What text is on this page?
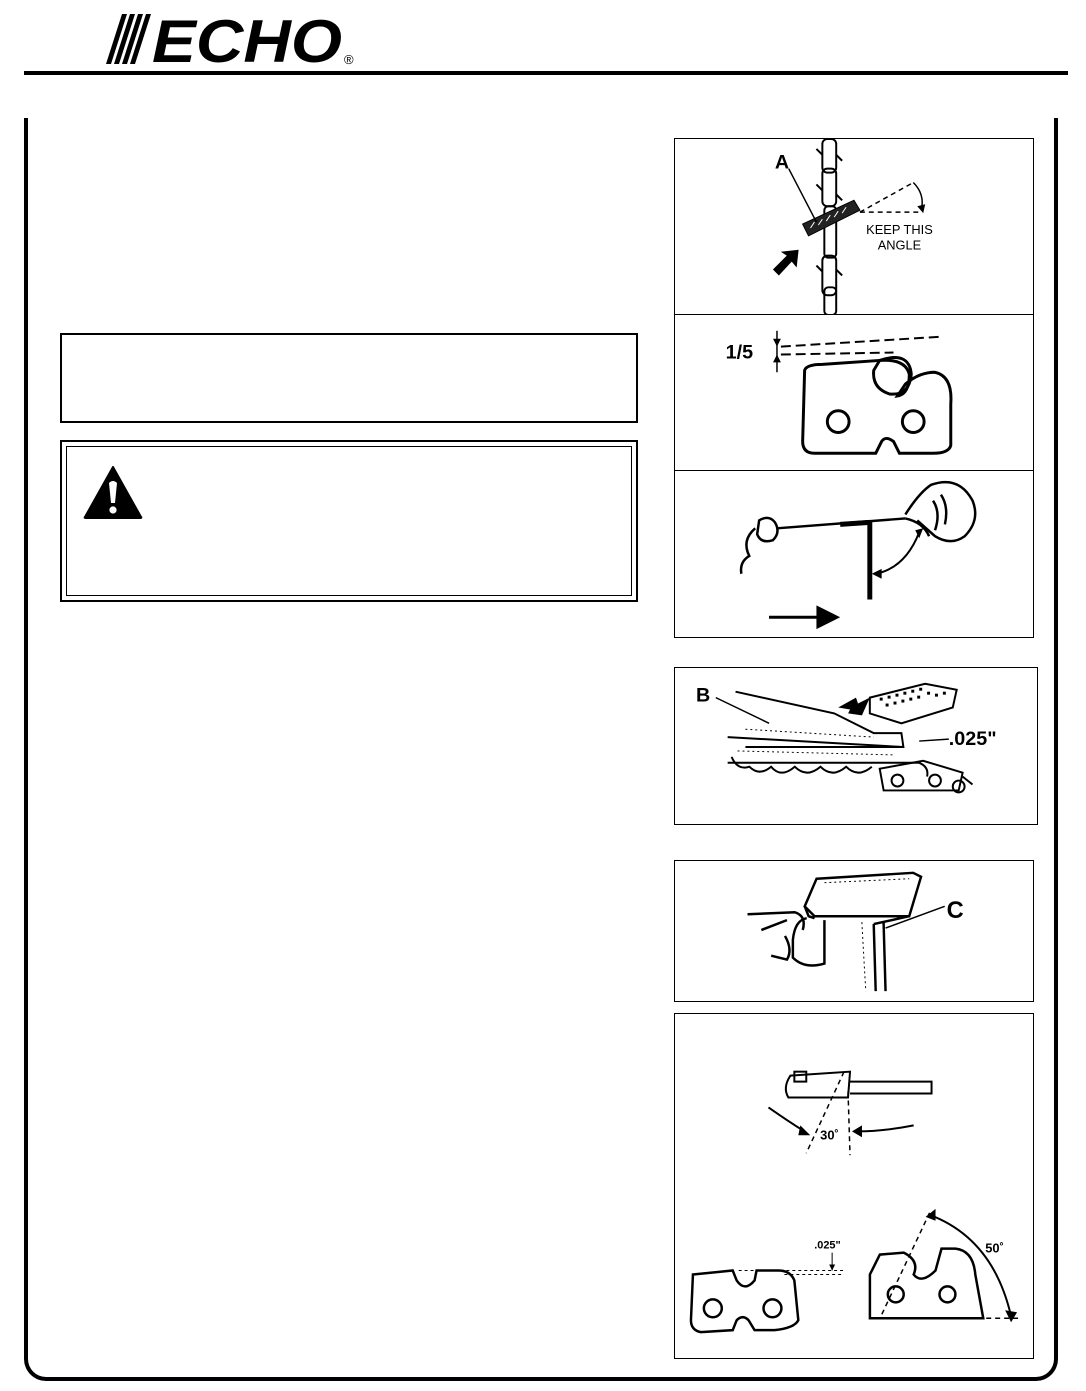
ECHO ®
A
KEEP THIS
ANGLE
1/5
B
.025"
C
30˚
.025"	50˚
